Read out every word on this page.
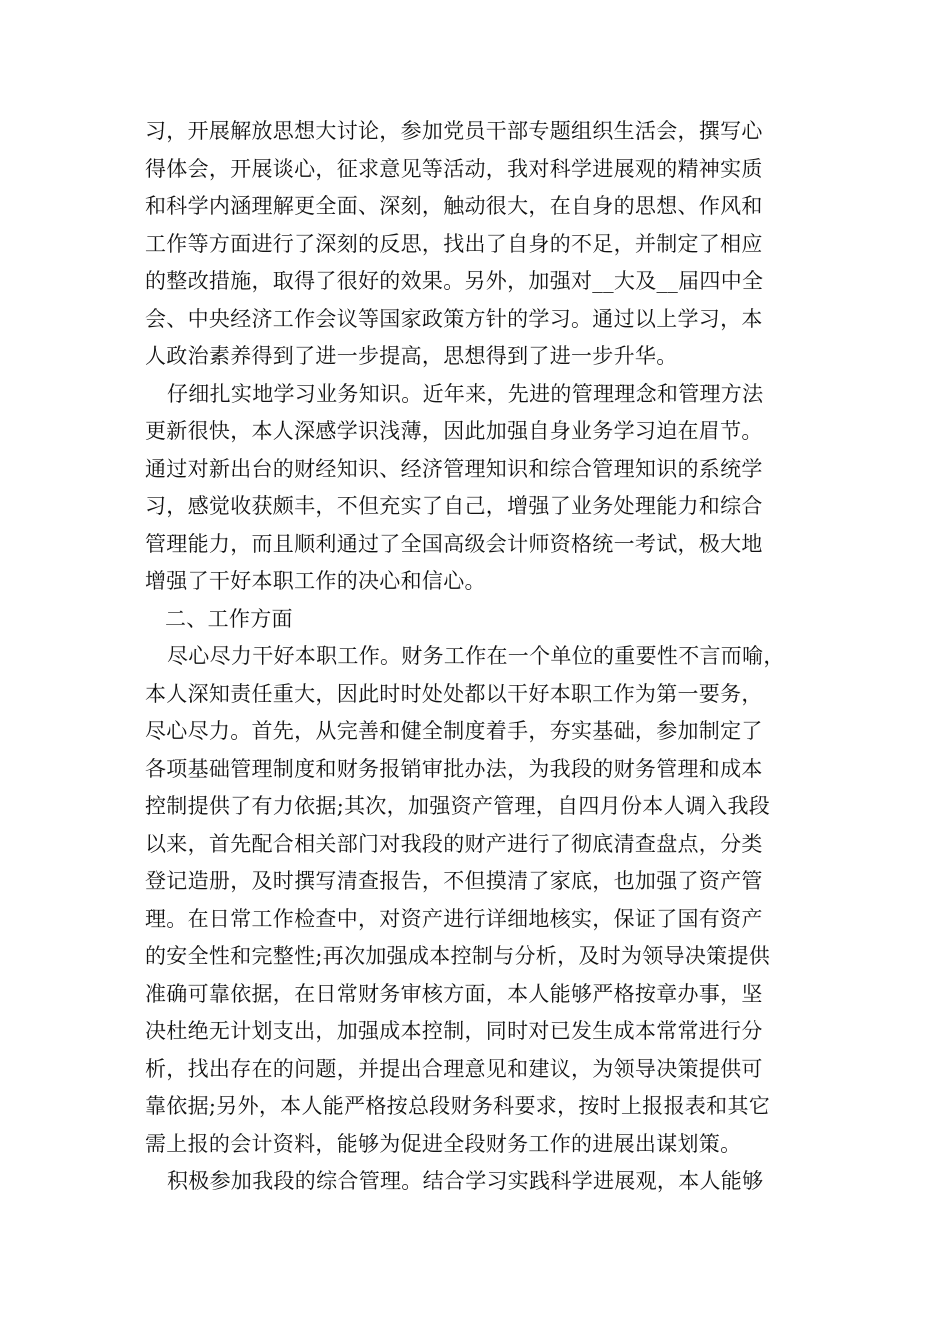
习，开展解放思想大讨论，参加党员干部专题组织生活会，撰写心
得体会，开展谈心，征求意见等活动，我对科学进展观的精神实质
和科学内涵理解更全面、深刻，触动很大，在自身的思想、作风和
工作等方面进行了深刻的反思，找出了自身的不足，并制定了相应
的整改措施，取得了很好的效果。另外，加强对__大及__届四中全
会、中央经济工作会议等国家政策方针的学习。通过以上学习，本
人政治素养得到了进一步提高，思想得到了进一步升华。
仔细扎实地学习业务知识。近年来，先进的管理理念和管理方法
更新很快，本人深感学识浅薄，因此加强自身业务学习迫在眉节。
通过对新出台的财经知识、经济管理知识和综合管理知识的系统学
习，感觉收获颇丰，不但充实了自己，增强了业务处理能力和综合
管理能力，而且顺利通过了全国高级会计师资格统一考试，极大地
增强了干好本职工作的决心和信心。
二、工作方面
尽心尽力干好本职工作。财务工作在一个单位的重要性不言而喻，
本人深知责任重大，因此时时处处都以干好本职工作为第一要务，
尽心尽力。首先，从完善和健全制度着手，夯实基础，参加制定了
各项基础管理制度和财务报销审批办法，为我段的财务管理和成本
控制提供了有力依据;其次，加强资产管理，自四月份本人调入我段
以来，首先配合相关部门对我段的财产进行了彻底清查盘点，分类
登记造册，及时撰写清查报告，不但摸清了家底，也加强了资产管
理。在日常工作检查中，对资产进行详细地核实，保证了国有资产
的安全性和完整性;再次加强成本控制与分析，及时为领导决策提供
准确可靠依据，在日常财务审核方面，本人能够严格按章办事，坚
决杜绝无计划支出，加强成本控制，同时对已发生成本常常进行分
析，找出存在的问题，并提出合理意见和建议，为领导决策提供可
靠依据;另外，本人能严格按总段财务科要求，按时上报报表和其它
需上报的会计资料，能够为促进全段财务工作的进展出谋划策。
积极参加我段的综合管理。结合学习实践科学进展观，本人能够
